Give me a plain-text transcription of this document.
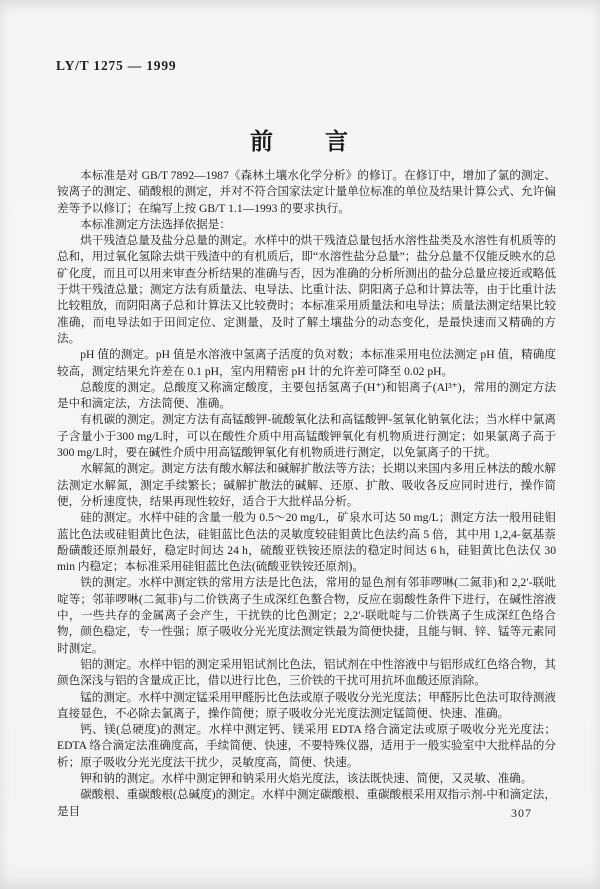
LY/T 1275 — 1999
前　　言

本标准是对 GB/T 7892—1987《森林土壤水化学分析》的修订。在修订中，增加了氯的测定、铵离子的测定、硝酸根的测定，并对不符合国家法定计量单位标准的单位及结果计算公式、允许偏差等予以修订；在编写上按 GB/T 1.1—1993 的要求执行。

本标准测定方法选择依据是：

烘干残渣总量及盐分总量的测定。水样中的烘干残渣总量包括水溶性盐类及水溶性有机质等的总和，用过氧化氢除去烘干残渣中的有机质后，即“水溶性盐分总量”；盐分总量不仅能反映水的总矿化度，而且可以用来审查分析结果的准确与否，因为准确的分析所测出的盐分总量应接近或略低于烘干残渣总量；测定方法有质量法、电导法、比重计法、阴阳离子总和计算法等，由于比重计法比较粗放，而阴阳离子总和计算法又比较费时；本标准采用质量法和电导法；质量法测定结果比较准确，而电导法如于田间定位、定测量，及时了解土壤盐分的动态变化，是最快速而又精确的方法。

pH 值的测定。pH 值是水溶液中氢离子活度的负对数；本标准采用电位法测定 pH 值，精确度较高，测定结果允许差在 0.1 pH，室内用精密 pH 计的允许差可降至 0.02 pH。

总酸度的测定。总酸度又称滴定酸度，主要包括氢离子(H⁺)和铝离子(Al³⁺)，常用的测定方法是中和滴定法，方法简便、准确。

有机碳的测定。测定方法有高锰酸钾-硫酸氧化法和高锰酸钾-氢氧化钠氧化法；当水样中氯离子含量小于300 mg/L时，可以在酸性介质中用高锰酸钾氧化有机物质进行测定；如果氯离子高于300 mg/L时，要在碱性介质中用高锰酸钾氧化有机物质进行测定，以免氯离子的干扰。

水解氮的测定。测定方法有酸水解法和碱解扩散法等方法；长期以来国内多用丘林法的酸水解法测定水解氮，测定手续繁长；碱解扩散法的碱解、还原、扩散、吸收各反应同时进行，操作简便，分析速度快，结果再现性较好，适合于大批样品分析。

硅的测定。水样中硅的含量一般为 0.5～20 mg/L，矿泉水可达 50 mg/L；测定方法一般用硅钼蓝比色法或硅钼黄比色法，硅钼蓝比色法的灵敏度较硅钼黄比色法约高 5 倍，其中用 1,2,4-氨基萘酚磺酸还原剂最好，稳定时间达 24 h，硫酸亚铁铵还原法的稳定时间达 6 h，硅钼黄比色法仅 30 min 内稳定；本标准采用硅钼蓝比色法(硫酸亚铁铵还原剂)。

铁的测定。水样中测定铁的常用方法是比色法，常用的显色剂有邻菲啰啉(二氮菲)和 2,2′-联吡啶等；邻菲啰啉(二氮菲)与二价铁离子生成深红色螯合物，反应在弱酸性条件下进行，在碱性溶液中，一些共存的金属离子会产生，干扰铁的比色测定；2,2′-联吡啶与二价铁离子生成深红色络合物，颜色稳定，专一性强；原子吸收分光光度法测定铁最为简便快捷，且能与铜、锌、锰等元素同时测定。

铝的测定。水样中铝的测定采用铝试剂比色法，铝试剂在中性溶液中与铝形成红色络合物，其颜色深浅与铝的含量成正比，借以进行比色，三价铁的干扰可用抗坏血酸还原消除。

锰的测定。水样中测定锰采用甲醛肟比色法或原子吸收分光光度法；甲醛肟比色法可取待测液直接显色，不必除去氯离子，操作简便；原子吸收分光光度法测定锰简便、快速、准确。

钙、镁(总硬度)的测定。水样中测定钙、镁采用 EDTA 络合滴定法或原子吸收分光光度法；EDTA 络合滴定法准确度高，手续简便、快速，不要特殊仪器，适用于一般实验室中大批样品的分析；原子吸收分光光度法干扰少，灵敏度高，简便、快速。

钾和钠的测定。水样中测定钾和钠采用火焰光度法，该法既快速、简便，又灵敏、准确。

碳酸根、重碳酸根(总碱度)的测定。水样中测定碳酸根、重碳酸根采用双指示剂-中和滴定法，是目	307
